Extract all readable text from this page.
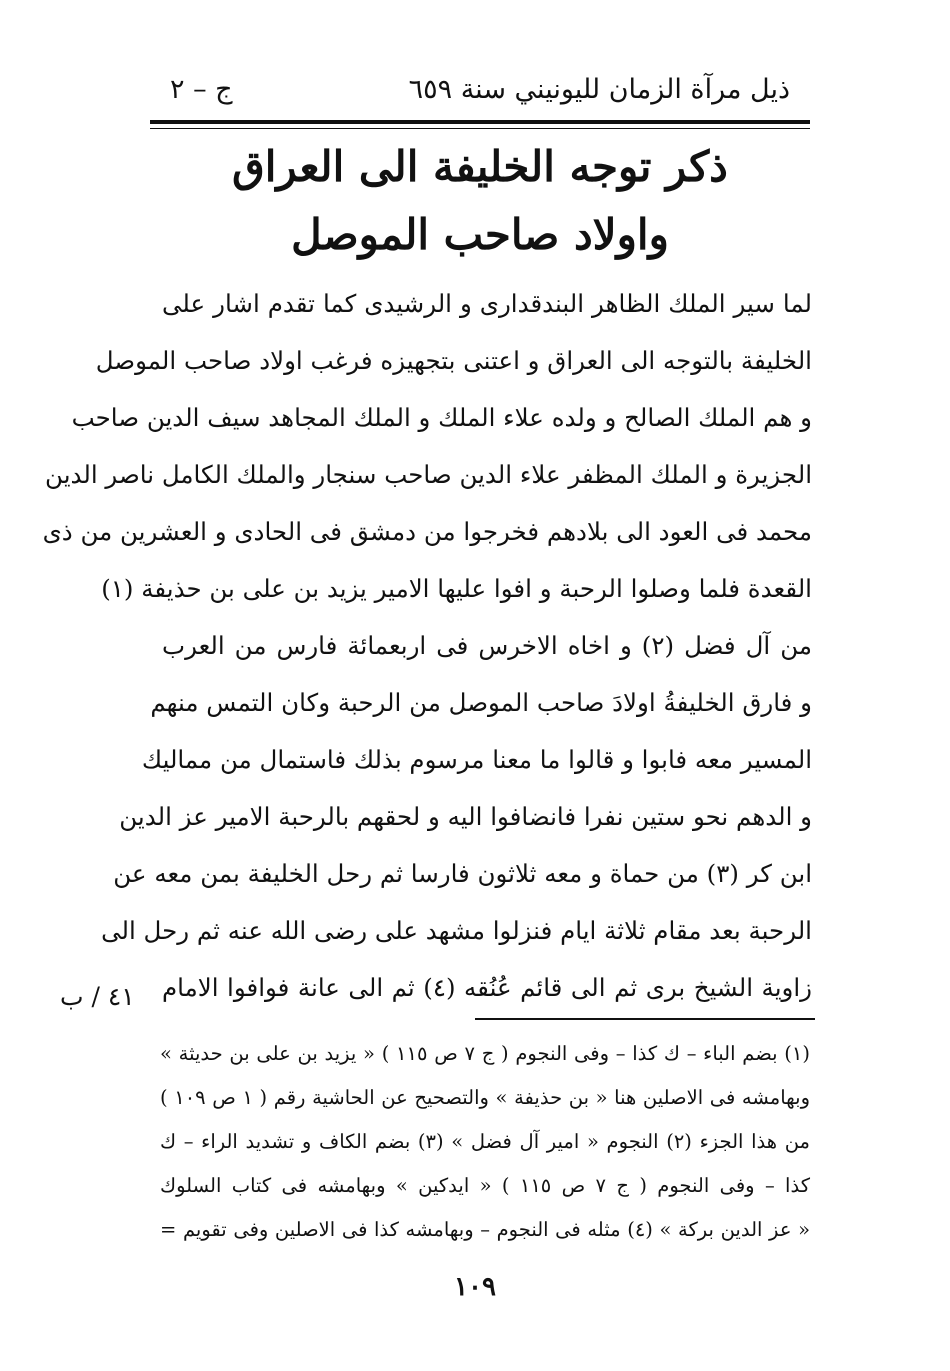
ذيل مرآة الزمان لليونيني سنة ٦٥٩
ج – ٢
ذكر توجه الخليفة الى العراق
واولاد صاحب الموصل
لما سير الملك الظاهر البندقدارى و الرشيدى كما تقدم اشار على
الخليفة بالتوجه الى العراق و اعتنى بتجهيزه فرغب اولاد صاحب الموصل
و هم الملك الصالح و ولده علاء الملك و الملك المجاهد سيف الدين صاحب
الجزيرة و الملك المظفر علاء الدين صاحب سنجار والملك الكامل ناصر الدين
محمد فى العود الى بلادهم فخرجوا من دمشق فى الحادى و العشرين من ذى
القعدة فلما وصلوا الرحبة و افوا عليها الامير يزيد بن على بن حذيفة (١)
من آل فضل (٢) و اخاه الاخرس فى اربعمائة فارس من العرب
و فارق الخليفةُ اولادَ صاحب الموصل من الرحبة وكان التمس منهم
المسير معه فابوا و قالوا ما معنا مرسوم بذلك فاستمال من مماليك
و الدهم نحو ستين نفرا فانضافوا اليه و لحقهم بالرحبة الامير عز الدين
ابن كر (٣) من حماة و معه ثلاثون فارسا ثم رحل الخليفة بمن معه عن
الرحبة بعد مقام ثلاثة ايام فنزلوا مشهد على رضى الله عنه ثم رحل الى
زاوية الشيخ برى ثم الى قائم عُنُقه (٤) ثم الى عانة فوافوا الامام
٤١ / ب
(١) بضم الباء – ك كذا – وفى النجوم ( ج ٧ ص ١١٥ ) « يزيد بن على بن حديثة »
وبهامشه فى الاصلين هنا « بن حذيفة » والتصحيح عن الحاشية رقم ( ١ ص ١٠٩ )
من هذا الجزء (٢) النجوم « امير آل فضل » (٣) بضم الكاف و تشديد الراء – ك
كذا – وفى النجوم ( ج ٧ ص ١١٥ ) « ايدكين » وبهامشه فى كتاب السلوك
« عز الدين بركة » (٤) مثله فى النجوم – وبهامشه كذا فى الاصلين وفى تقويم =
١٠٩
